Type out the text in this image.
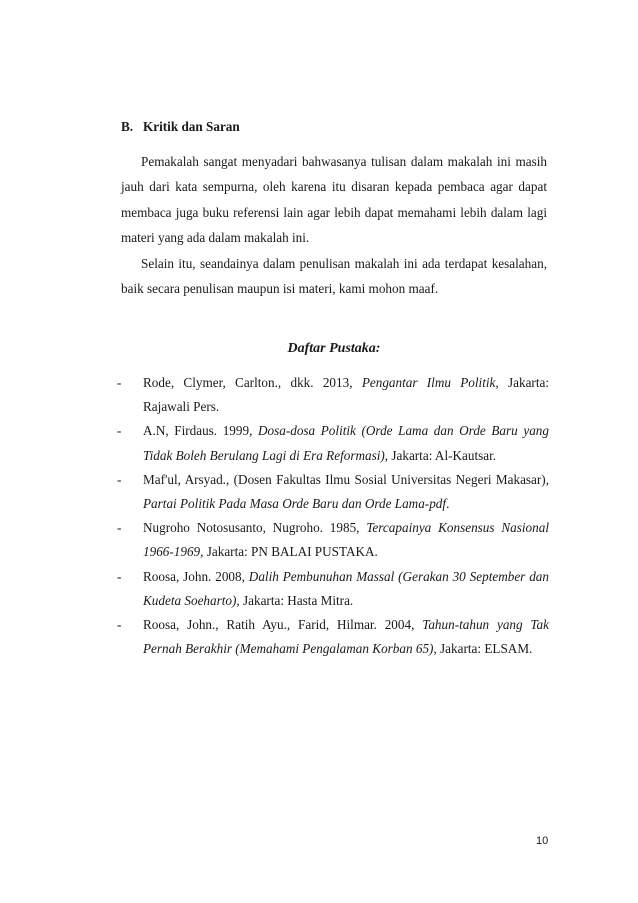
B. Kritik dan Saran

Pemakalah sangat menyadari bahwasanya tulisan dalam makalah ini masih jauh dari kata sempurna, oleh karena itu disaran kepada pembaca agar dapat membaca juga buku referensi lain agar lebih dapat memahami lebih dalam lagi materi yang ada dalam makalah ini.

Selain itu, seandainya dalam penulisan makalah ini ada terdapat kesalahan, baik secara penulisan maupun isi materi, kami mohon maaf.

Daftar Pustaka:
- Rode, Clymer, Carlton., dkk. 2013, Pengantar Ilmu Politik, Jakarta: Rajawali Pers.
- A.N, Firdaus. 1999, Dosa-dosa Politik (Orde Lama dan Orde Baru yang Tidak Boleh Berulang Lagi di Era Reformasi), Jakarta: Al-Kautsar.
- Maf'ul, Arsyad., (Dosen Fakultas Ilmu Sosial Universitas Negeri Makasar), Partai Politik Pada Masa Orde Baru dan Orde Lama-pdf.
- Nugroho Notosusanto, Nugroho. 1985, Tercapainya Konsensus Nasional 1966-1969, Jakarta: PN BALAI PUSTAKA.
- Roosa, John. 2008, Dalih Pembunuhan Massal (Gerakan 30 September dan Kudeta Soeharto), Jakarta: Hasta Mitra.
- Roosa, John., Ratih Ayu., Farid, Hilmar. 2004, Tahun-tahun yang Tak Pernah Berakhir (Memahami Pengalaman Korban 65), Jakarta: ELSAM.
10
